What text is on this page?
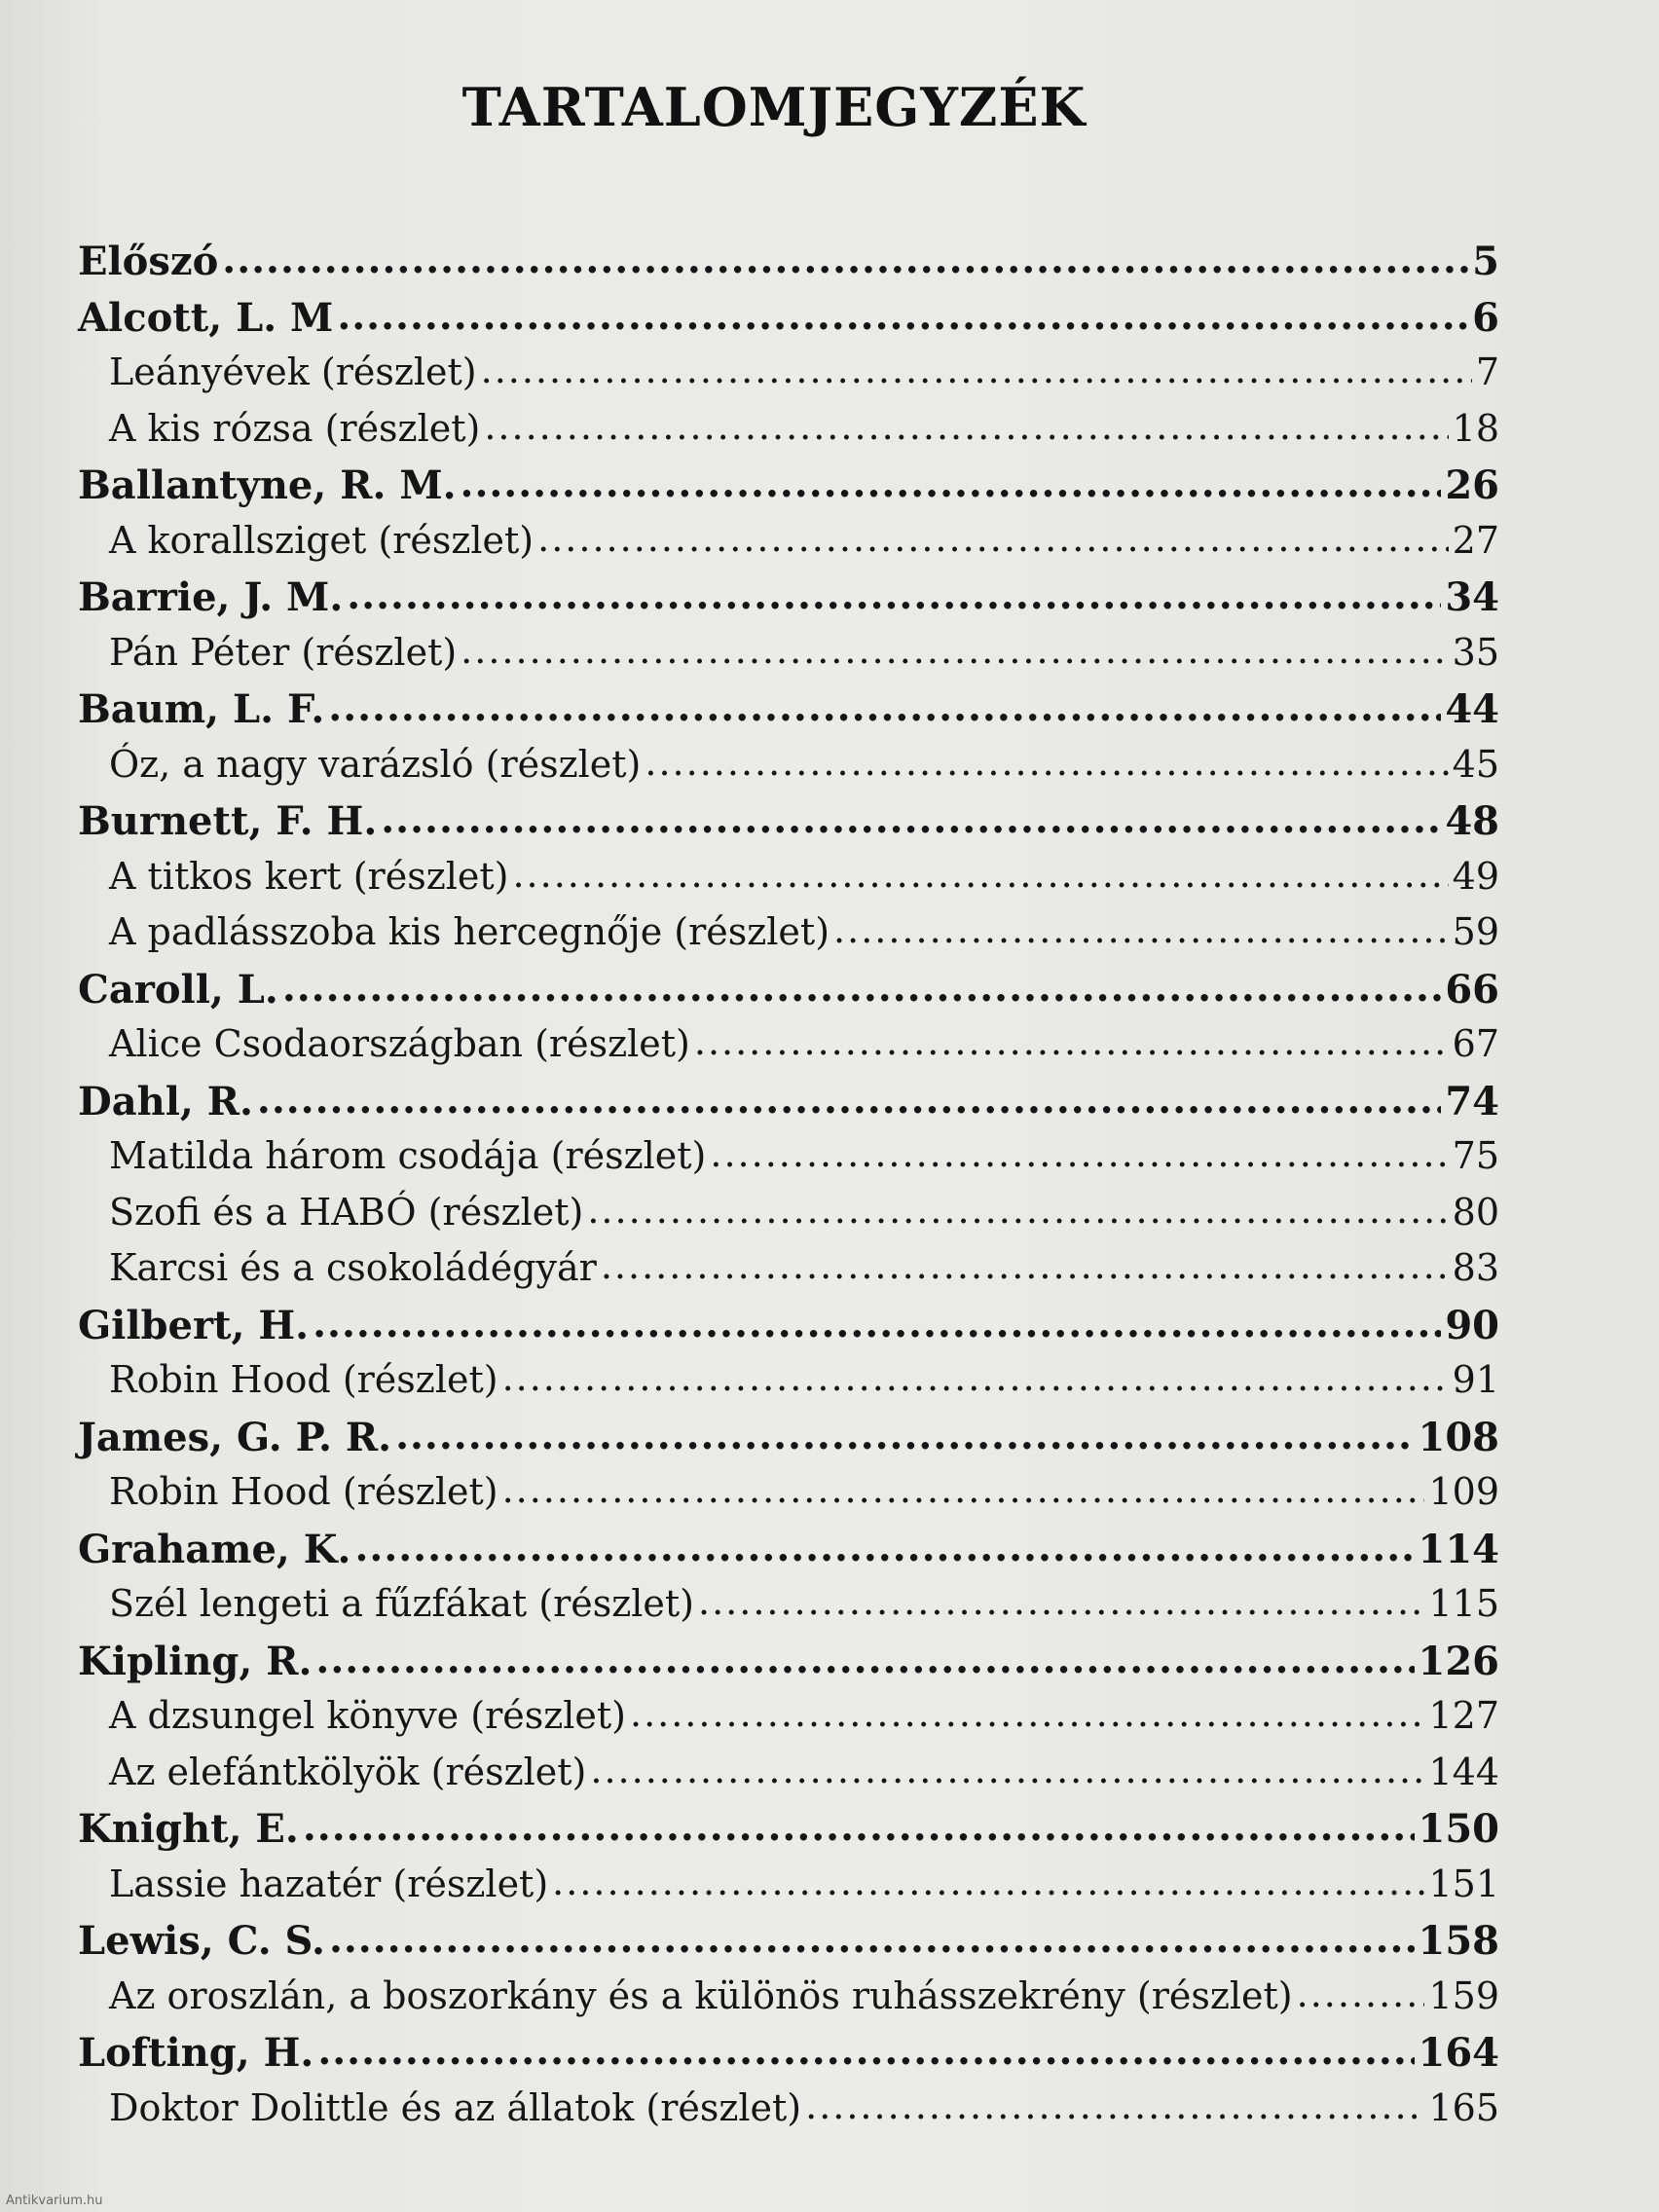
TARTALOMJEGYZÉK
Előszó .....	5
Alcott, L. M .....	6
Leányévek (részlet) .....	7
A kis rózsa (részlet) .....	18
Ballantyne, R. M. .....	26
A korallsziget (részlet) .....	27
Barrie, J. M. .....	34
Pán Péter (részlet) .....	35
Baum, L. F. .....	44
Óz, a nagy varázsló (részlet) .....	45
Burnett, F. H. .....	48
A titkos kert (részlet) .....	49
A padlásszoba kis hercegnője (részlet) .....	59
Caroll, L. .....	66
Alice Csodaországban (részlet) .....	67
Dahl, R. .....	74
Matilda három csodája (részlet) .....	75
Szofi és a HABÓ (részlet) .....	80
Karcsi és a csokoládégyár .....	83
Gilbert, H. .....	90
Robin Hood (részlet) .....	91
James, G. P. R. .....	108
Robin Hood (részlet) .....	109
Grahame, K. .....	114
Szél lengeti a fűzfákat (részlet) .....	115
Kipling, R. .....	126
A dzsungel könyve (részlet) .....	127
Az elefántkölyök (részlet) .....	144
Knight, E. .....	150
Lassie hazatér (részlet) .....	151
Lewis, C. S. .....	158
Az oroszlán, a boszorkány és a különös ruhásszekrény (részlet) .....	159
Lofting, H. .....	164
Doktor Dolittle és az állatok (részlet) .....	165
Antikvarium.hu
